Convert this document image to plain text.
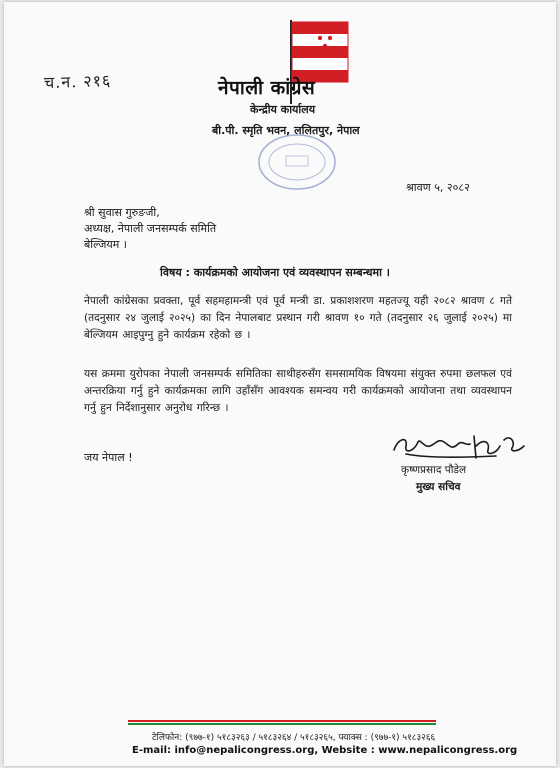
च.न. २१६	नेपाली कांग्रेस
केन्द्रीय कार्यालय
बी.पी. स्मृति भवन, ललितपुर, नेपाल
श्रावण ५, २०८२
श्री सुवास गुरुङजी,
अध्यक्ष, नेपाली जनसम्पर्क समिति
बेल्जियम ।
विषय : कार्यक्रमको आयोजना एवं व्यवस्थापन सम्बन्धमा ।
नेपाली कांग्रेसका प्रवक्ता, पूर्व सहमहामन्त्री एवं पूर्व मन्त्री डा. प्रकाशशरण महतज्यू यही २०८२ श्रावण ८ गते (तदनुसार २४ जुलाई २०२५) का दिन नेपालबाट प्रस्थान गरी श्रावण १० गते (तदनुसार २६ जुलाई २०२५) मा बेल्जियम आइपुग्नु हुने कार्यक्रम रहेको छ ।
यस क्रममा युरोपका नेपाली जनसम्पर्क समितिका साथीहरुसँग समसामयिक विषयमा संयुक्त रुपमा छलफल एवं अन्तरक्रिया गर्नु हुने कार्यक्रमका लागि उहाँसँग आवश्यक समन्वय गरी कार्यक्रमको आयोजना तथा व्यवस्थापन गर्नु हुन निर्देशानुसार अनुरोध गरिन्छ ।
जय नेपाल !
कृष्णप्रसाद पौडेल
मुख्य सचिव
टेलिफोन: (९७७-१) ५१८३२६३ / ५१८३२६४ / ५१८३२६५, फ्याक्स : (९७७-१) ५१८३२६६
E-mail: info@nepalicongress.org, Website : www.nepalicongress.org
